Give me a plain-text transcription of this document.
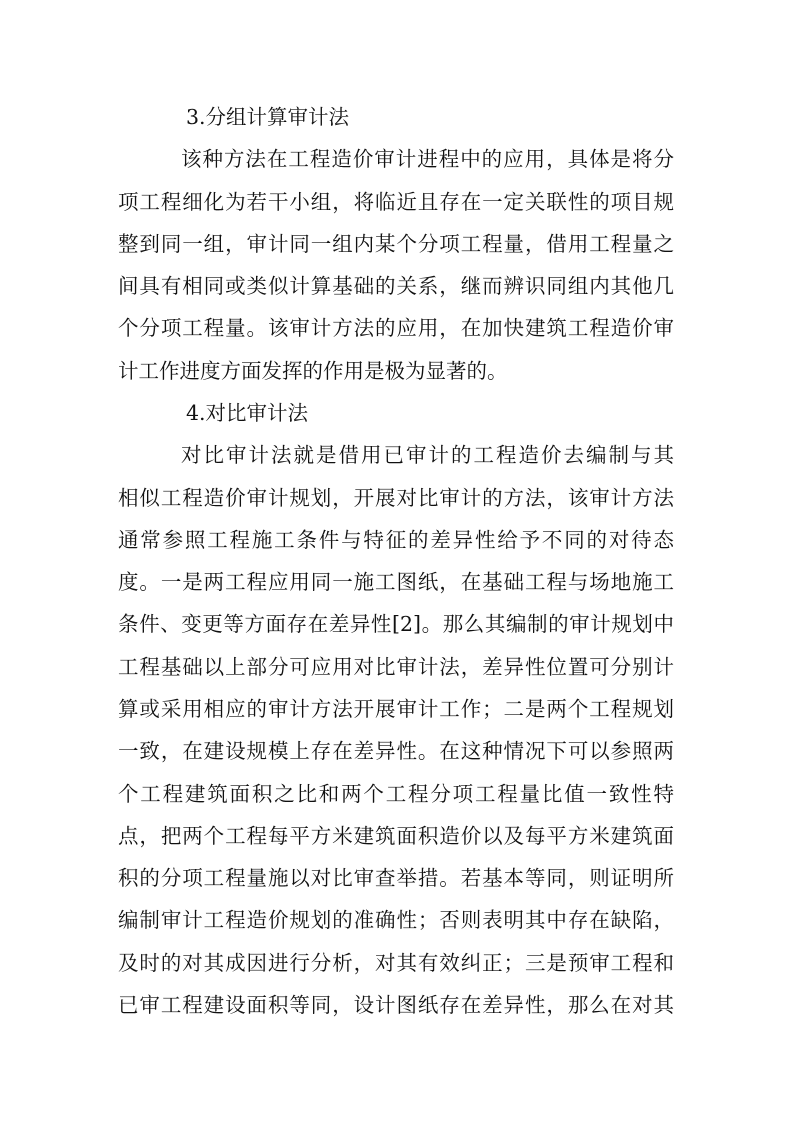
3.分组计算审计法
该种方法在工程造价审计进程中的应用，具体是将分
项工程细化为若干小组，将临近且存在一定关联性的项目规
整到同一组，审计同一组内某个分项工程量，借用工程量之
间具有相同或类似计算基础的关系，继而辨识同组内其他几
个分项工程量。该审计方法的应用，在加快建筑工程造价审
计工作进度方面发挥的作用是极为显著的。
4.对比审计法
对比审计法就是借用已审计的工程造价去编制与其
相似工程造价审计规划，开展对比审计的方法，该审计方法
通常参照工程施工条件与特征的差异性给予不同的对待态
度。一是两工程应用同一施工图纸，在基础工程与场地施工
条件、变更等方面存在差异性[2]。那么其编制的审计规划中
工程基础以上部分可应用对比审计法，差异性位置可分别计
算或采用相应的审计方法开展审计工作；二是两个工程规划
一致，在建设规模上存在差异性。在这种情况下可以参照两
个工程建筑面积之比和两个工程分项工程量比值一致性特
点，把两个工程每平方米建筑面积造价以及每平方米建筑面
积的分项工程量施以对比审查举措。若基本等同，则证明所
编制审计工程造价规划的准确性；否则表明其中存在缺陷，
及时的对其成因进行分析，对其有效纠正；三是预审工程和
已审工程建设面积等同，设计图纸存在差异性，那么在对其
